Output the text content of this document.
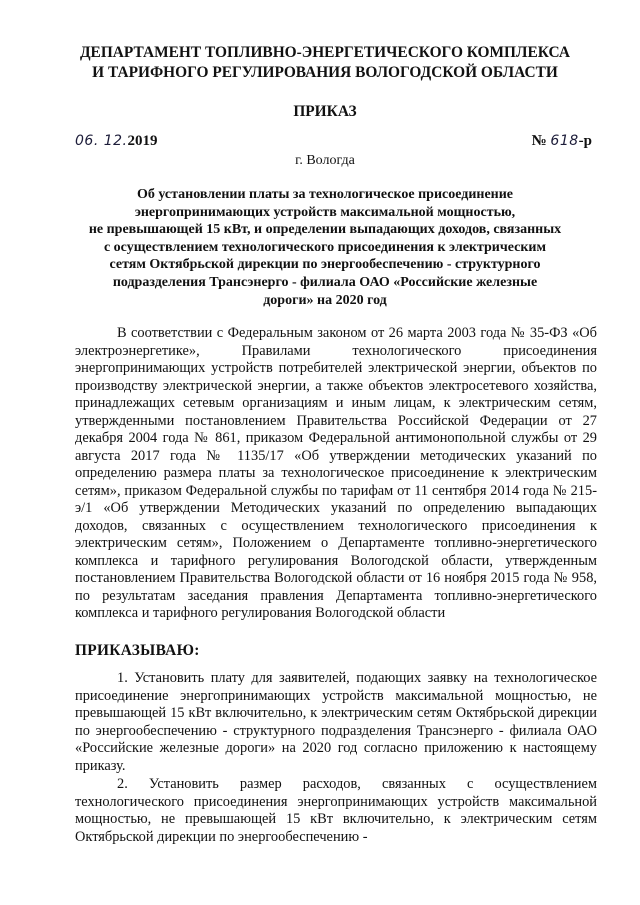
ДЕПАРТАМЕНТ ТОПЛИВНО-ЭНЕРГЕТИЧЕСКОГО КОМПЛЕКСА
И ТАРИФНОГО РЕГУЛИРОВАНИЯ ВОЛОГОДСКОЙ ОБЛАСТИ
ПРИКАЗ
06. 12.2019	№ 618-р
г. Вологда
Об установлении платы за технологическое присоединение
энергопринимающих устройств максимальной мощностью,
не превышающей 15 кВт, и определении выпадающих доходов, связанных
с осуществлением технологического присоединения к электрическим
сетям Октябрьской дирекции по энергообеспечению - структурного
подразделения Трансэнерго - филиала ОАО «Российские железные
дороги» на 2020 год
В соответствии с Федеральным законом от 26 марта 2003 года № 35-ФЗ «Об электроэнергетике», Правилами технологического присоединения энергопринимающих устройств потребителей электрической энергии, объектов по производству электрической энергии, а также объектов электросетевого хозяйства, принадлежащих сетевым организациям и иным лицам, к электрическим сетям, утвержденными постановлением Правительства Российской Федерации от 27 декабря 2004 года № 861, приказом Федеральной антимонопольной службы от 29 августа 2017 года № 1135/17 «Об утверждении методических указаний по определению размера платы за технологическое присоединение к электрическим сетям», приказом Федеральной службы по тарифам от 11 сентября 2014 года № 215-э/1 «Об утверждении Методических указаний по определению выпадающих доходов, связанных с осуществлением технологического присоединения к электрическим сетям», Положением о Департаменте топливно-энергетического комплекса и тарифного регулирования Вологодской области, утвержденным постановлением Правительства Вологодской области от 16 ноября 2015 года № 958, по результатам заседания правления Департамента топливно-энергетического комплекса и тарифного регулирования Вологодской области
ПРИКАЗЫВАЮ:
1. Установить плату для заявителей, подающих заявку на технологическое присоединение энергопринимающих устройств максимальной мощностью, не превышающей 15 кВт включительно, к электрическим сетям Октябрьской дирекции по энергообеспечению - структурного подразделения Трансэнерго - филиала ОАО «Российские железные дороги» на 2020 год согласно приложению к настоящему приказу.
2. Установить размер расходов, связанных с осуществлением технологического присоединения энергопринимающих устройств максимальной мощностью, не превышающей 15 кВт включительно, к электрическим сетям Октябрьской дирекции по энергообеспечению -
